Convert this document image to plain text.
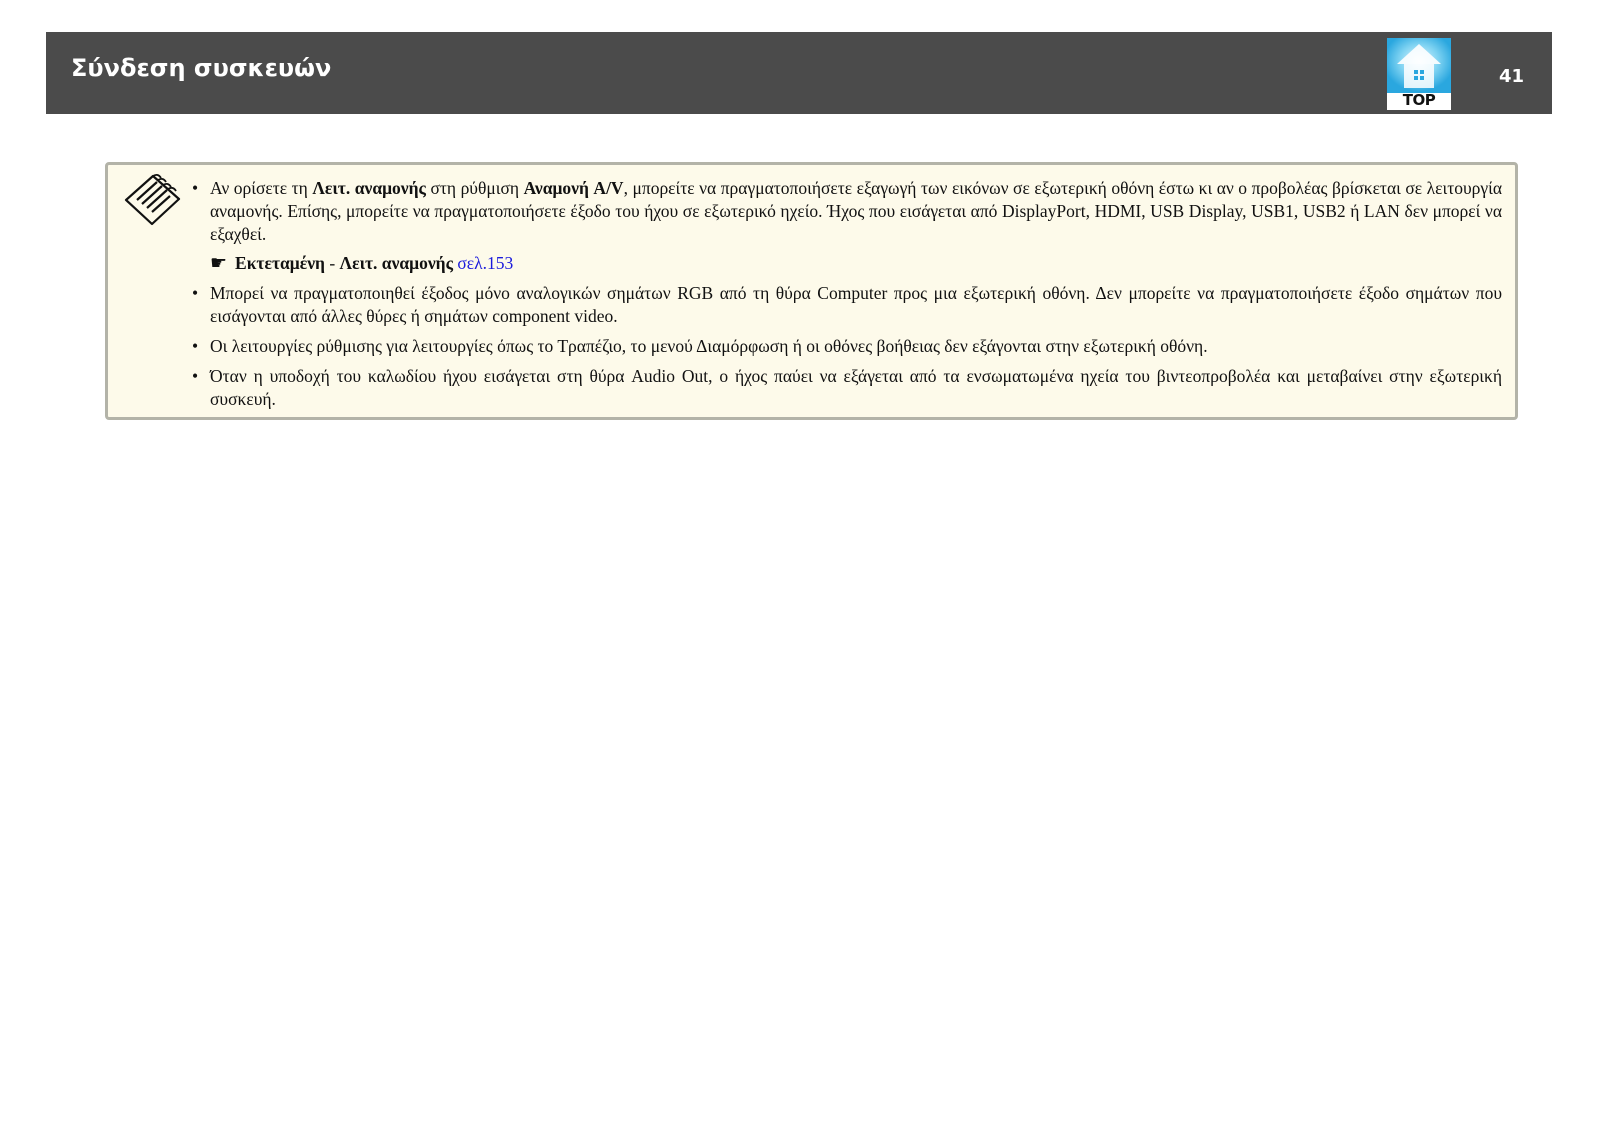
Σύνδεση συσκευών
TOP
41
• Αν ορίσετε τη Λειτ. αναμονής στη ρύθμιση Αναμονή A/V, μπορείτε να πραγματοποιήσετε εξαγωγή των εικόνων σε εξωτερική οθόνη έστω κι αν ο προβολέας βρίσκεται σε λειτουργία αναμονής. Επίσης, μπορείτε να πραγματοποιήσετε έξοδο του ήχου σε εξωτερικό ηχείο. Ήχος που εισάγεται από DisplayPort, HDMI, USB Display, USB1, USB2 ή LAN δεν μπορεί να εξαχθεί.
☛ Εκτεταμένη - Λειτ. αναμονής σελ.153
• Μπορεί να πραγματοποιηθεί έξοδος μόνο αναλογικών σημάτων RGB από τη θύρα Computer προς μια εξωτερική οθόνη. Δεν μπορείτε να πραγματοποιήσετε έξοδο σημάτων που εισάγονται από άλλες θύρες ή σημάτων component video.
• Οι λειτουργίες ρύθμισης για λειτουργίες όπως το Τραπέζιο, το μενού Διαμόρφωση ή οι οθόνες βοήθειας δεν εξάγονται στην εξωτερική οθόνη.
• Όταν η υποδοχή του καλωδίου ήχου εισάγεται στη θύρα Audio Out, ο ήχος παύει να εξάγεται από τα ενσωματωμένα ηχεία του βιντεοπροβολέα και μεταβαίνει στην εξωτερική συσκευή.
